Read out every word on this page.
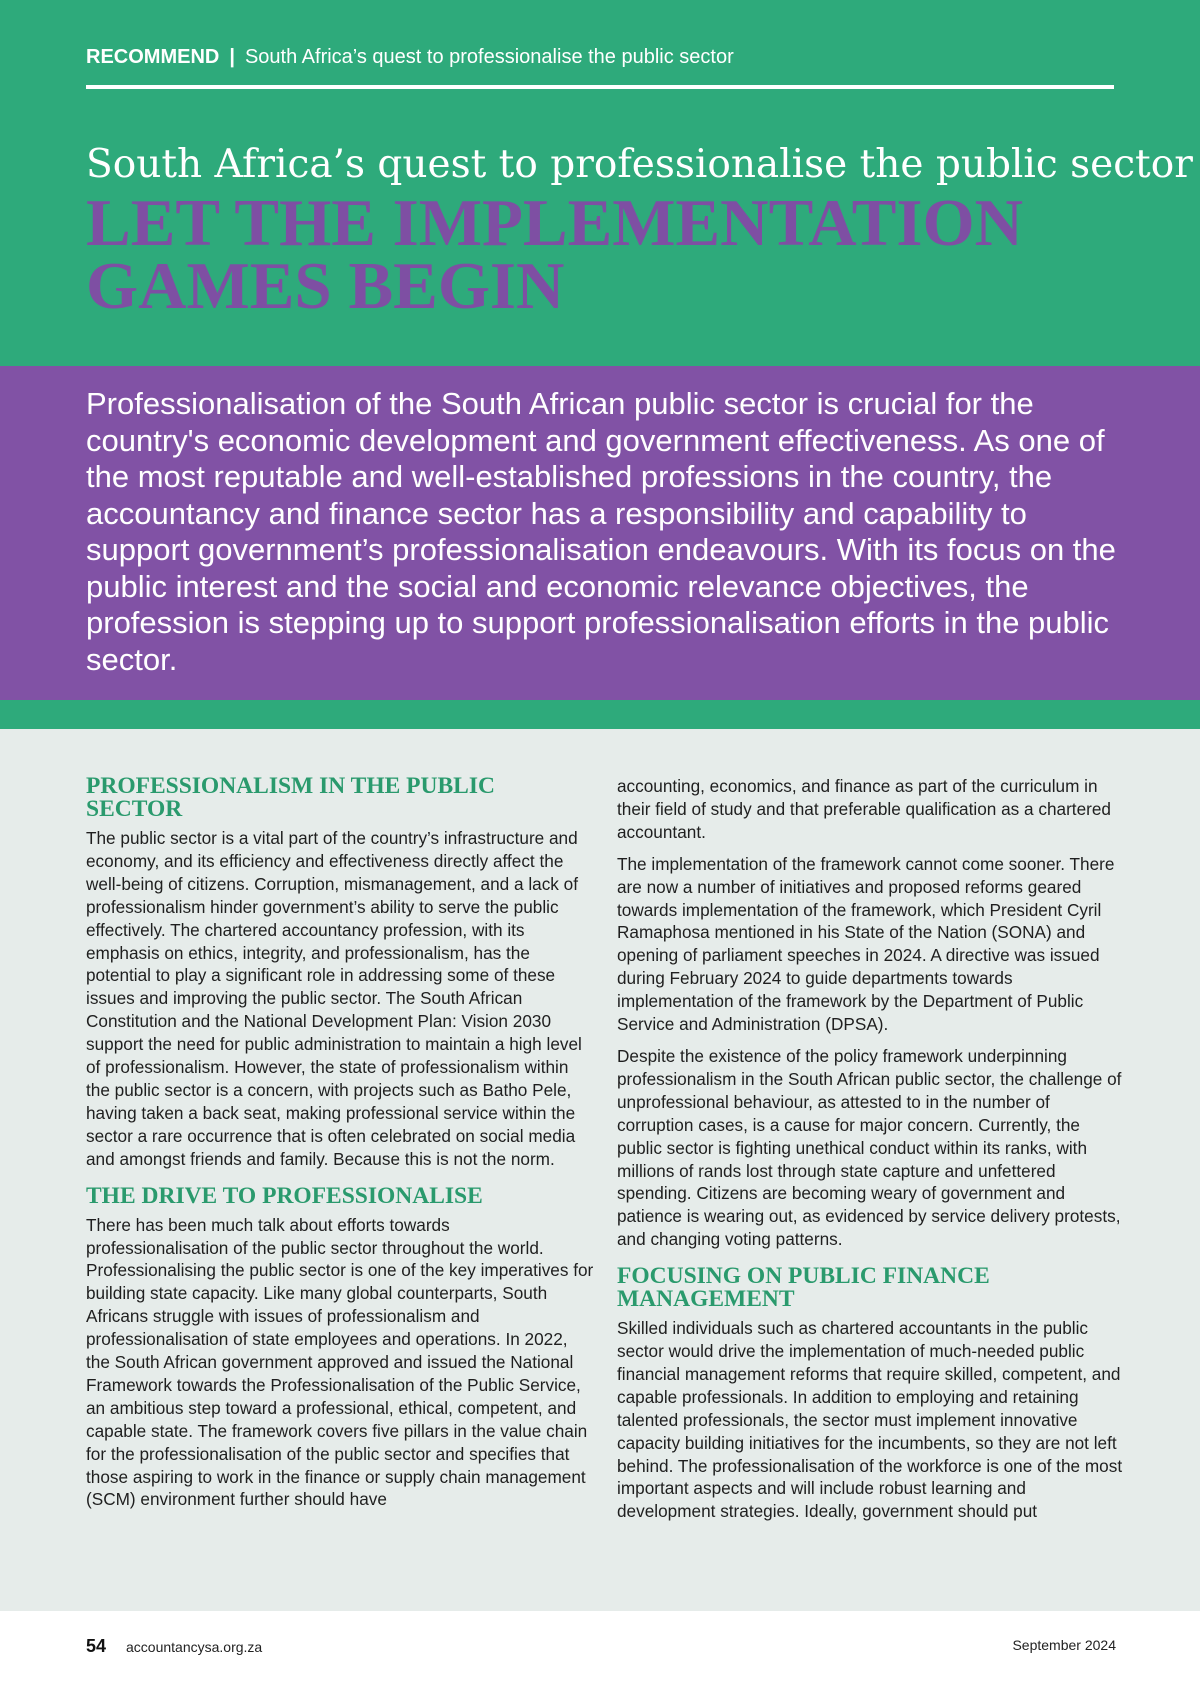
RECOMMEND | South Africa’s quest to professionalise the public sector
South Africa’s quest to professionalise the public sector
LET THE IMPLEMENTATION GAMES BEGIN
Professionalisation of the South African public sector is crucial for the country's economic development and government effectiveness. As one of the most reputable and well-established professions in the country, the accountancy and finance sector has a responsibility and capability to support government’s professionalisation endeavours. With its focus on the public interest and the social and economic relevance objectives, the profession is stepping up to support professionalisation efforts in the public sector.
PROFESSIONALISM IN THE PUBLIC SECTOR

The public sector is a vital part of the country’s infrastructure and economy, and its efficiency and effectiveness directly affect the well-being of citizens. Corruption, mismanagement, and a lack of professionalism hinder government’s ability to serve the public effectively. The chartered accountancy profession, with its emphasis on ethics, integrity, and professionalism, has the potential to play a significant role in addressing some of these issues and improving the public sector. The South African Constitution and the National Development Plan: Vision 2030 support the need for public administration to maintain a high level of professionalism. However, the state of professionalism within the public sector is a concern, with projects such as Batho Pele, having taken a back seat, making professional service within the sector a rare occurrence that is often celebrated on social media and amongst friends and family. Because this is not the norm.

THE DRIVE TO PROFESSIONALISE

There has been much talk about efforts towards professionalisation of the public sector throughout the world. Professionalising the public sector is one of the key imperatives for building state capacity. Like many global counterparts, South Africans struggle with issues of professionalism and professionalisation of state employees and operations. In 2022, the South African government approved and issued the National Framework towards the Professionalisation of the Public Service, an ambitious step toward a professional, ethical, competent, and capable state. The framework covers five pillars in the value chain for the professionalisation of the public sector and specifies that those aspiring to work in the finance or supply chain management (SCM) environment further should have

accounting, economics, and finance as part of the curriculum in their field of study and that preferable qualification as a chartered accountant.

The implementation of the framework cannot come sooner. There are now a number of initiatives and proposed reforms geared towards implementation of the framework, which President Cyril Ramaphosa mentioned in his State of the Nation (SONA) and opening of parliament speeches in 2024. A directive was issued during February 2024 to guide departments towards implementation of the framework by the Department of Public Service and Administration (DPSA).

Despite the existence of the policy framework underpinning professionalism in the South African public sector, the challenge of unprofessional behaviour, as attested to in the number of corruption cases, is a cause for major concern. Currently, the public sector is fighting unethical conduct within its ranks, with millions of rands lost through state capture and unfettered spending. Citizens are becoming weary of government and patience is wearing out, as evidenced by service delivery protests, and changing voting patterns.

FOCUSING ON PUBLIC FINANCE MANAGEMENT

Skilled individuals such as chartered accountants in the public sector would drive the implementation of much-needed public financial management reforms that require skilled, competent, and capable professionals. In addition to employing and retaining talented professionals, the sector must implement innovative capacity building initiatives for the incumbents, so they are not left behind. The professionalisation of the workforce is one of the most important aspects and will include robust learning and development strategies. Ideally, government should put

54 accountancysa.org.za	September 2024
